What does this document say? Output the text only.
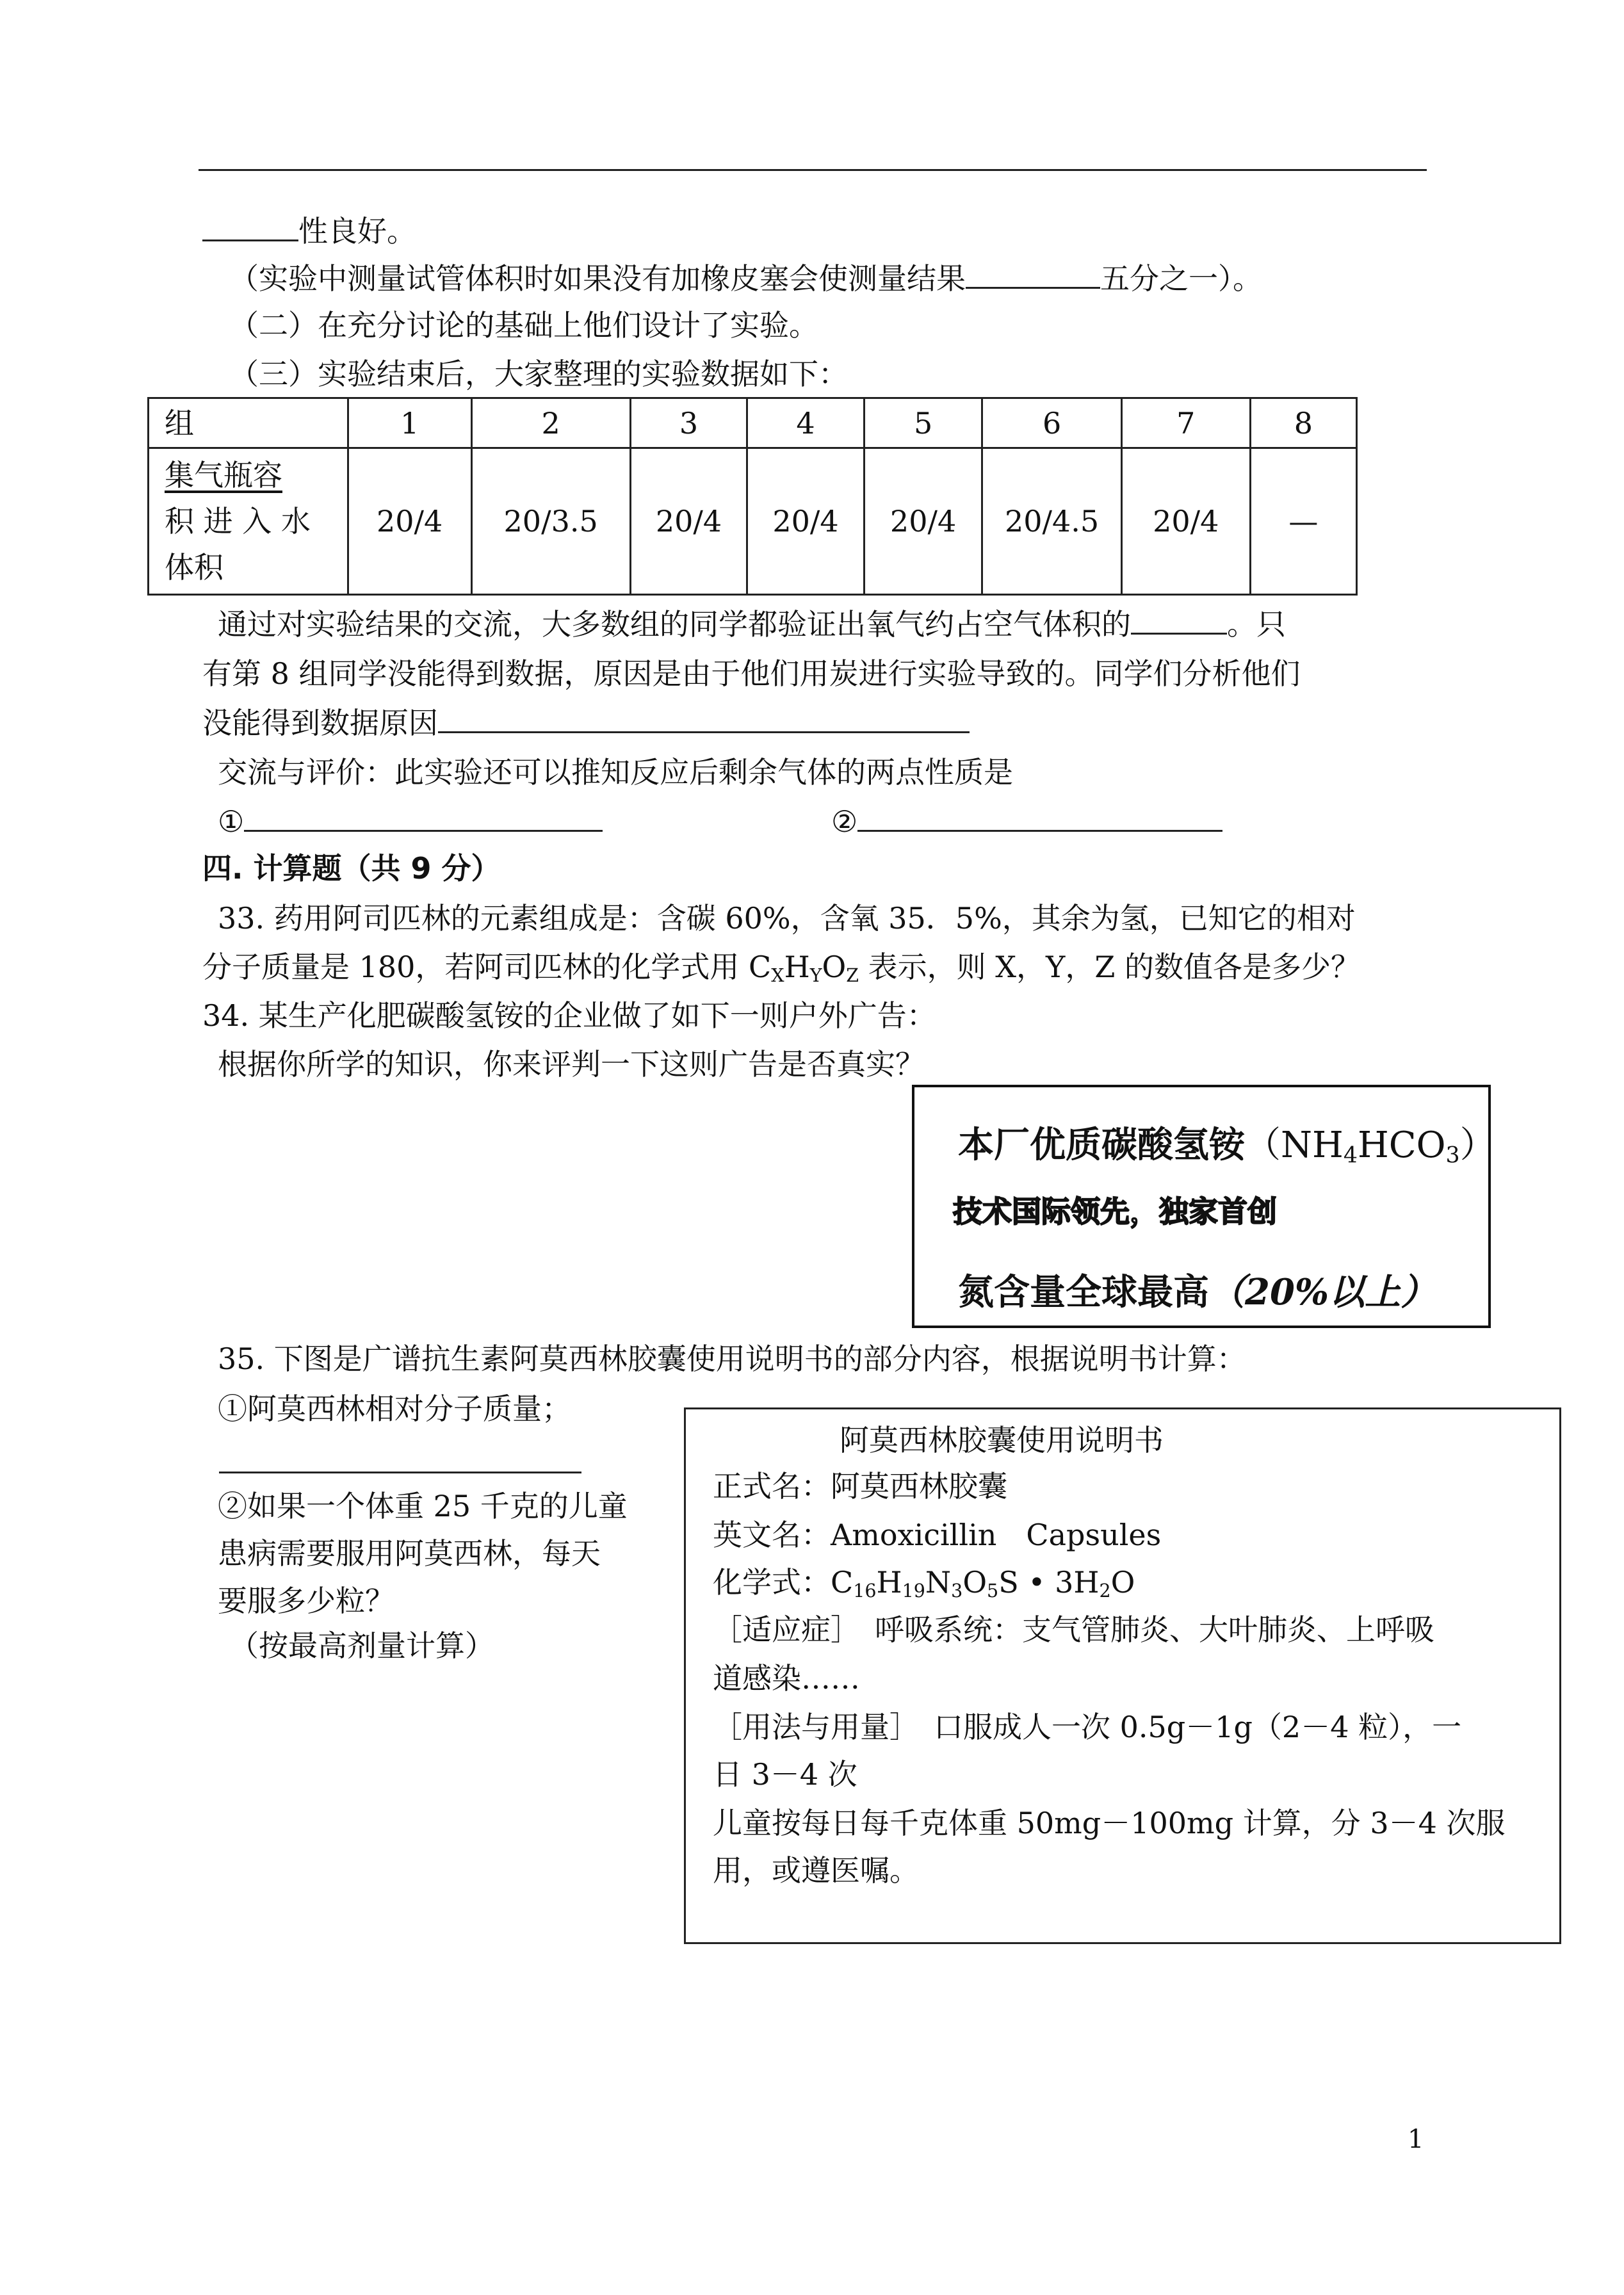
性良好。
（实验中测量试管体积时如果没有加橡皮塞会使测量结果	五分之一）。
（二）在充分讨论的基础上他们设计了实验。
（三）实验结束后，大家整理的实验数据如下：
组	1	2	3	4	5	6	7	8

集气瓶容
积 进 入 水
体积	20/4	20/3.5	20/4	20/4	20/4	20/4.5	20/4	—
通过对实验结果的交流，大多数组的同学都验证出氧气约占空气体积的	。只
有第 8 组同学没能得到数据，原因是由于他们用炭进行实验导致的。同学们分析他们
没能得到数据原因
交流与评价：此实验还可以推知反应后剩余气体的两点性质是
①	②
四. 计算题（共 9 分）
33. 药用阿司匹林的元素组成是：含碳 60%，含氧 35．5%，其余为氢，已知它的相对
分子质量是 180，若阿司匹林的化学式用 $C_XH_YO_Z$ 表示，则 X，Y，Z 的数值各是多少？
34. 某生产化肥碳酸氢铵的企业做了如下一则户外广告：
根据你所学的知识，你来评判一下这则广告是否真实？
本厂优质碳酸氢铵$(NH_4HCO_3)$
技术国际领先，独家首创
氮含量全球最高（20%以上）
35. 下图是广谱抗生素阿莫西林胶囊使用说明书的部分内容，根据说明书计算：
①阿莫西林相对分子质量；
②如果一个体重 25 千克的儿童
患病需要服用阿莫西林，每天
要服多少粒？
（按最高剂量计算）
阿莫西林胶囊使用说明书
正式名：阿莫西林胶囊
英文名：Amoxicillin　Capsules
化学式：$C_{16}H_{19}N_3O_5S$ • $3H_2O$
［适应症］　呼吸系统：支气管肺炎、大叶肺炎、上呼吸
道感染……
［用法与用量］　口服成人一次 0.5g－1g（2－4 粒），一
日 3－4 次
儿童按每日每千克体重 50mg－100mg 计算，分 3－4 次服
用，或遵医嘱。
1
